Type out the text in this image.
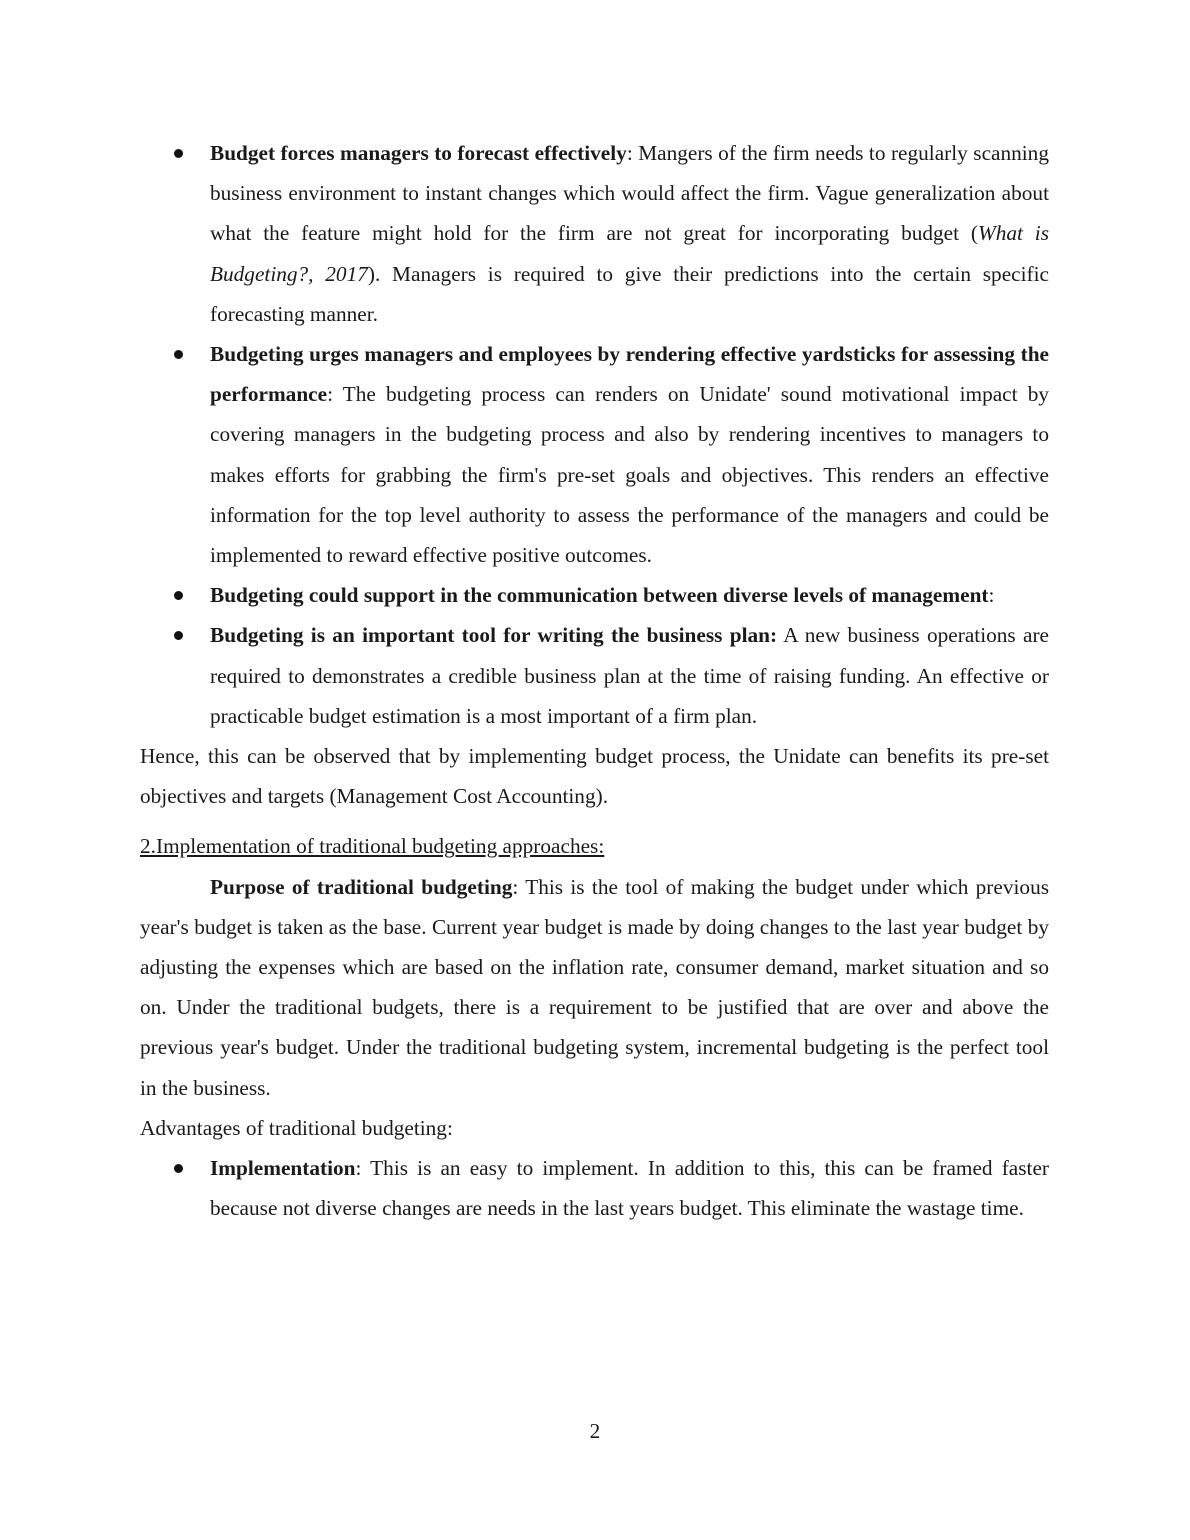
Budget forces managers to forecast effectively: Mangers of the firm needs to regularly scanning business environment to instant changes which would affect the firm. Vague generalization about what the feature might hold for the firm are not great for incorporating budget (What is Budgeting?, 2017). Managers is required to give their predictions into the certain specific forecasting manner.
Budgeting urges managers and employees by rendering effective yardsticks for assessing the performance: The budgeting process can renders on Unidate' sound motivational impact by covering managers in the budgeting process and also by rendering incentives to managers to makes efforts for grabbing the firm's pre-set goals and objectives. This renders an effective information for the top level authority to assess the performance of the managers and could be implemented to reward effective positive outcomes.
Budgeting could support in the communication between diverse levels of management:
Budgeting is an important tool for writing the business plan: A new business operations are required to demonstrates a credible business plan at the time of raising funding. An effective or practicable budget estimation is a most important of a firm plan.

Hence, this can be observed that by implementing budget process, the Unidate can benefits its pre-set objectives and targets (Management Cost Accounting).

2.Implementation of traditional budgeting approaches:

Purpose of traditional budgeting: This is the tool of making the budget under which previous year's budget is taken as the base. Current year budget is made by doing changes to the last year budget by adjusting the expenses which are based on the inflation rate, consumer demand, market situation and so on. Under the traditional budgets, there is a requirement to be justified that are over and above the previous year's budget. Under the traditional budgeting system, incremental budgeting is the perfect tool in the business.

Advantages of traditional budgeting:

Implementation: This is an easy to implement. In addition to this, this can be framed faster because not diverse changes are needs in the last years budget. This eliminate the wastage time.
2
